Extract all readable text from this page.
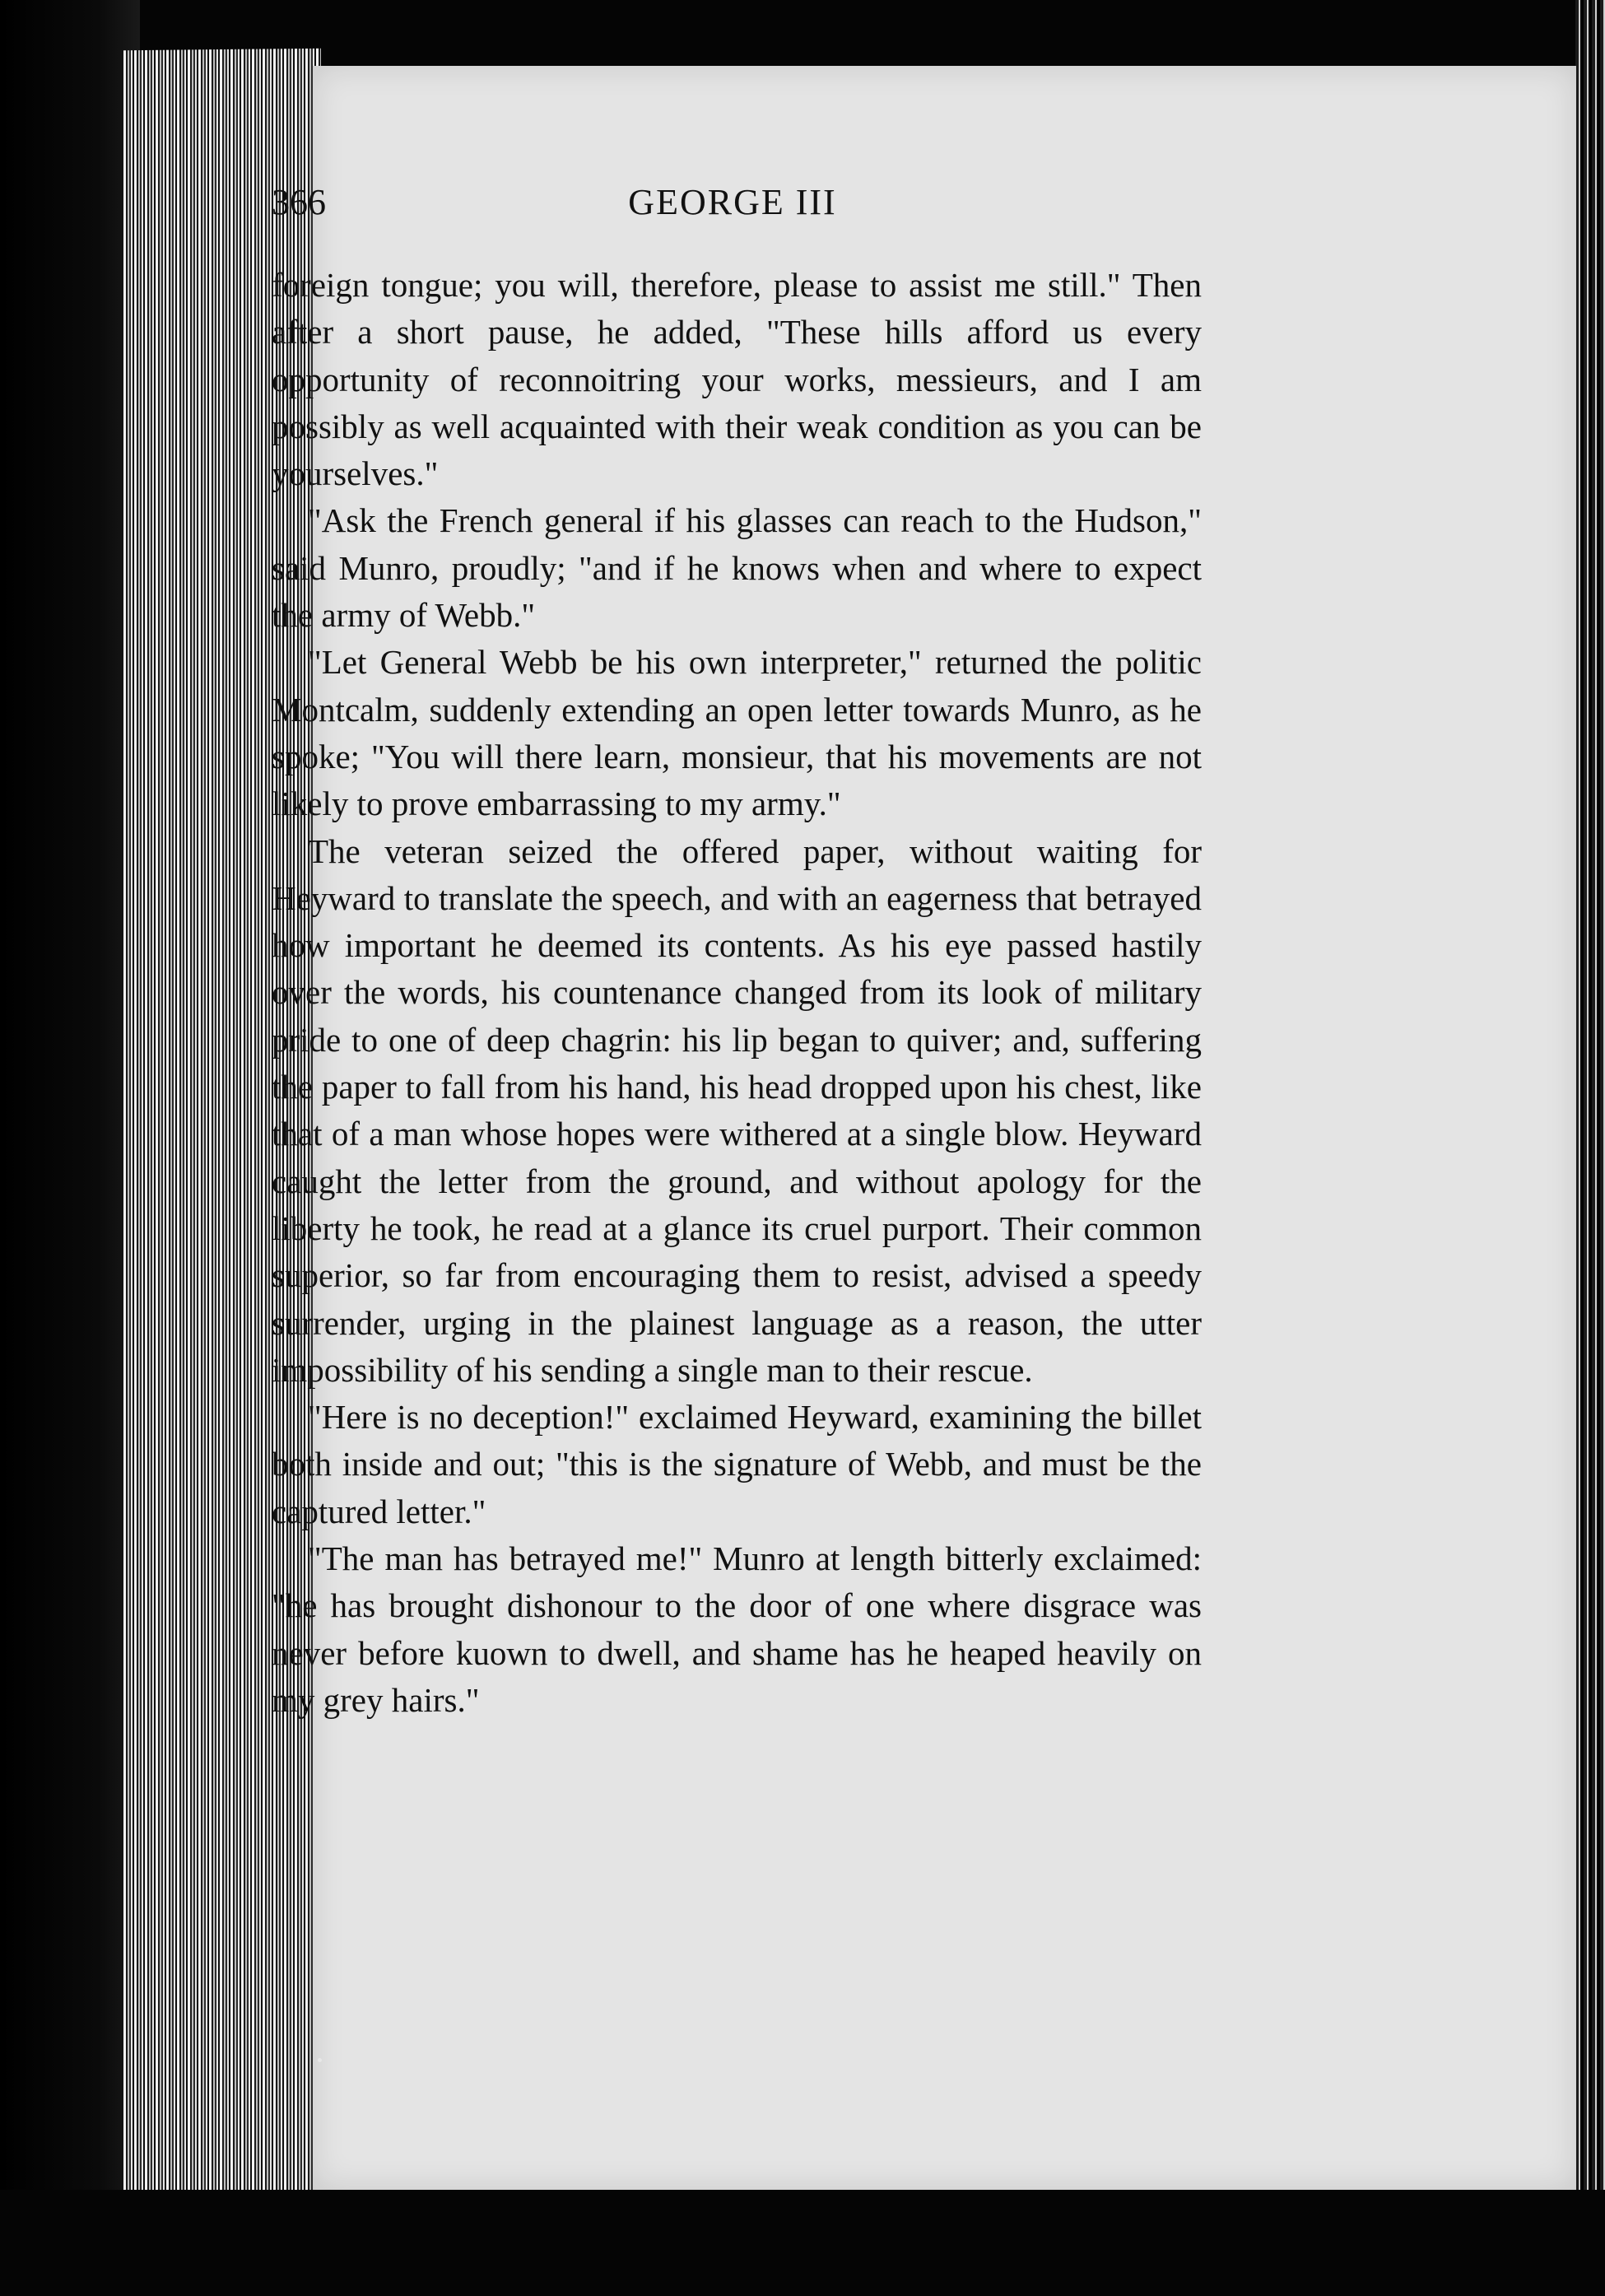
366	GEORGE III

foreign tongue; you will, therefore, please to assist me still." Then after a short pause, he added, "These hills afford us every opportunity of reconnoitring your works, messieurs, and I am possibly as well acquainted with their weak condition as you can be yourselves."

"Ask the French general if his glasses can reach to the Hudson," said Munro, proudly; "and if he knows when and where to expect the army of Webb."

"Let General Webb be his own interpreter," returned the politic Montcalm, suddenly extending an open letter towards Munro, as he spoke; "You will there learn, monsieur, that his movements are not likely to prove embarrassing to my army."

The veteran seized the offered paper, without waiting for Heyward to translate the speech, and with an eagerness that betrayed how important he deemed its contents. As his eye passed hastily over the words, his countenance changed from its look of military pride to one of deep chagrin: his lip began to quiver; and, suffering the paper to fall from his hand, his head dropped upon his chest, like that of a man whose hopes were withered at a single blow. Heyward caught the letter from the ground, and without apology for the liberty he took, he read at a glance its cruel purport. Their common superior, so far from encouraging them to resist, advised a speedy surrender, urging in the plainest language as a reason, the utter impossibility of his sending a single man to their rescue.

"Here is no deception!" exclaimed Heyward, examining the billet both inside and out; "this is the signature of Webb, and must be the captured letter."

"The man has betrayed me!" Munro at length bitterly exclaimed: "he has brought dishonour to the door of one where disgrace was never before kuown to dwell, and shame has he heaped heavily on my grey hairs."
